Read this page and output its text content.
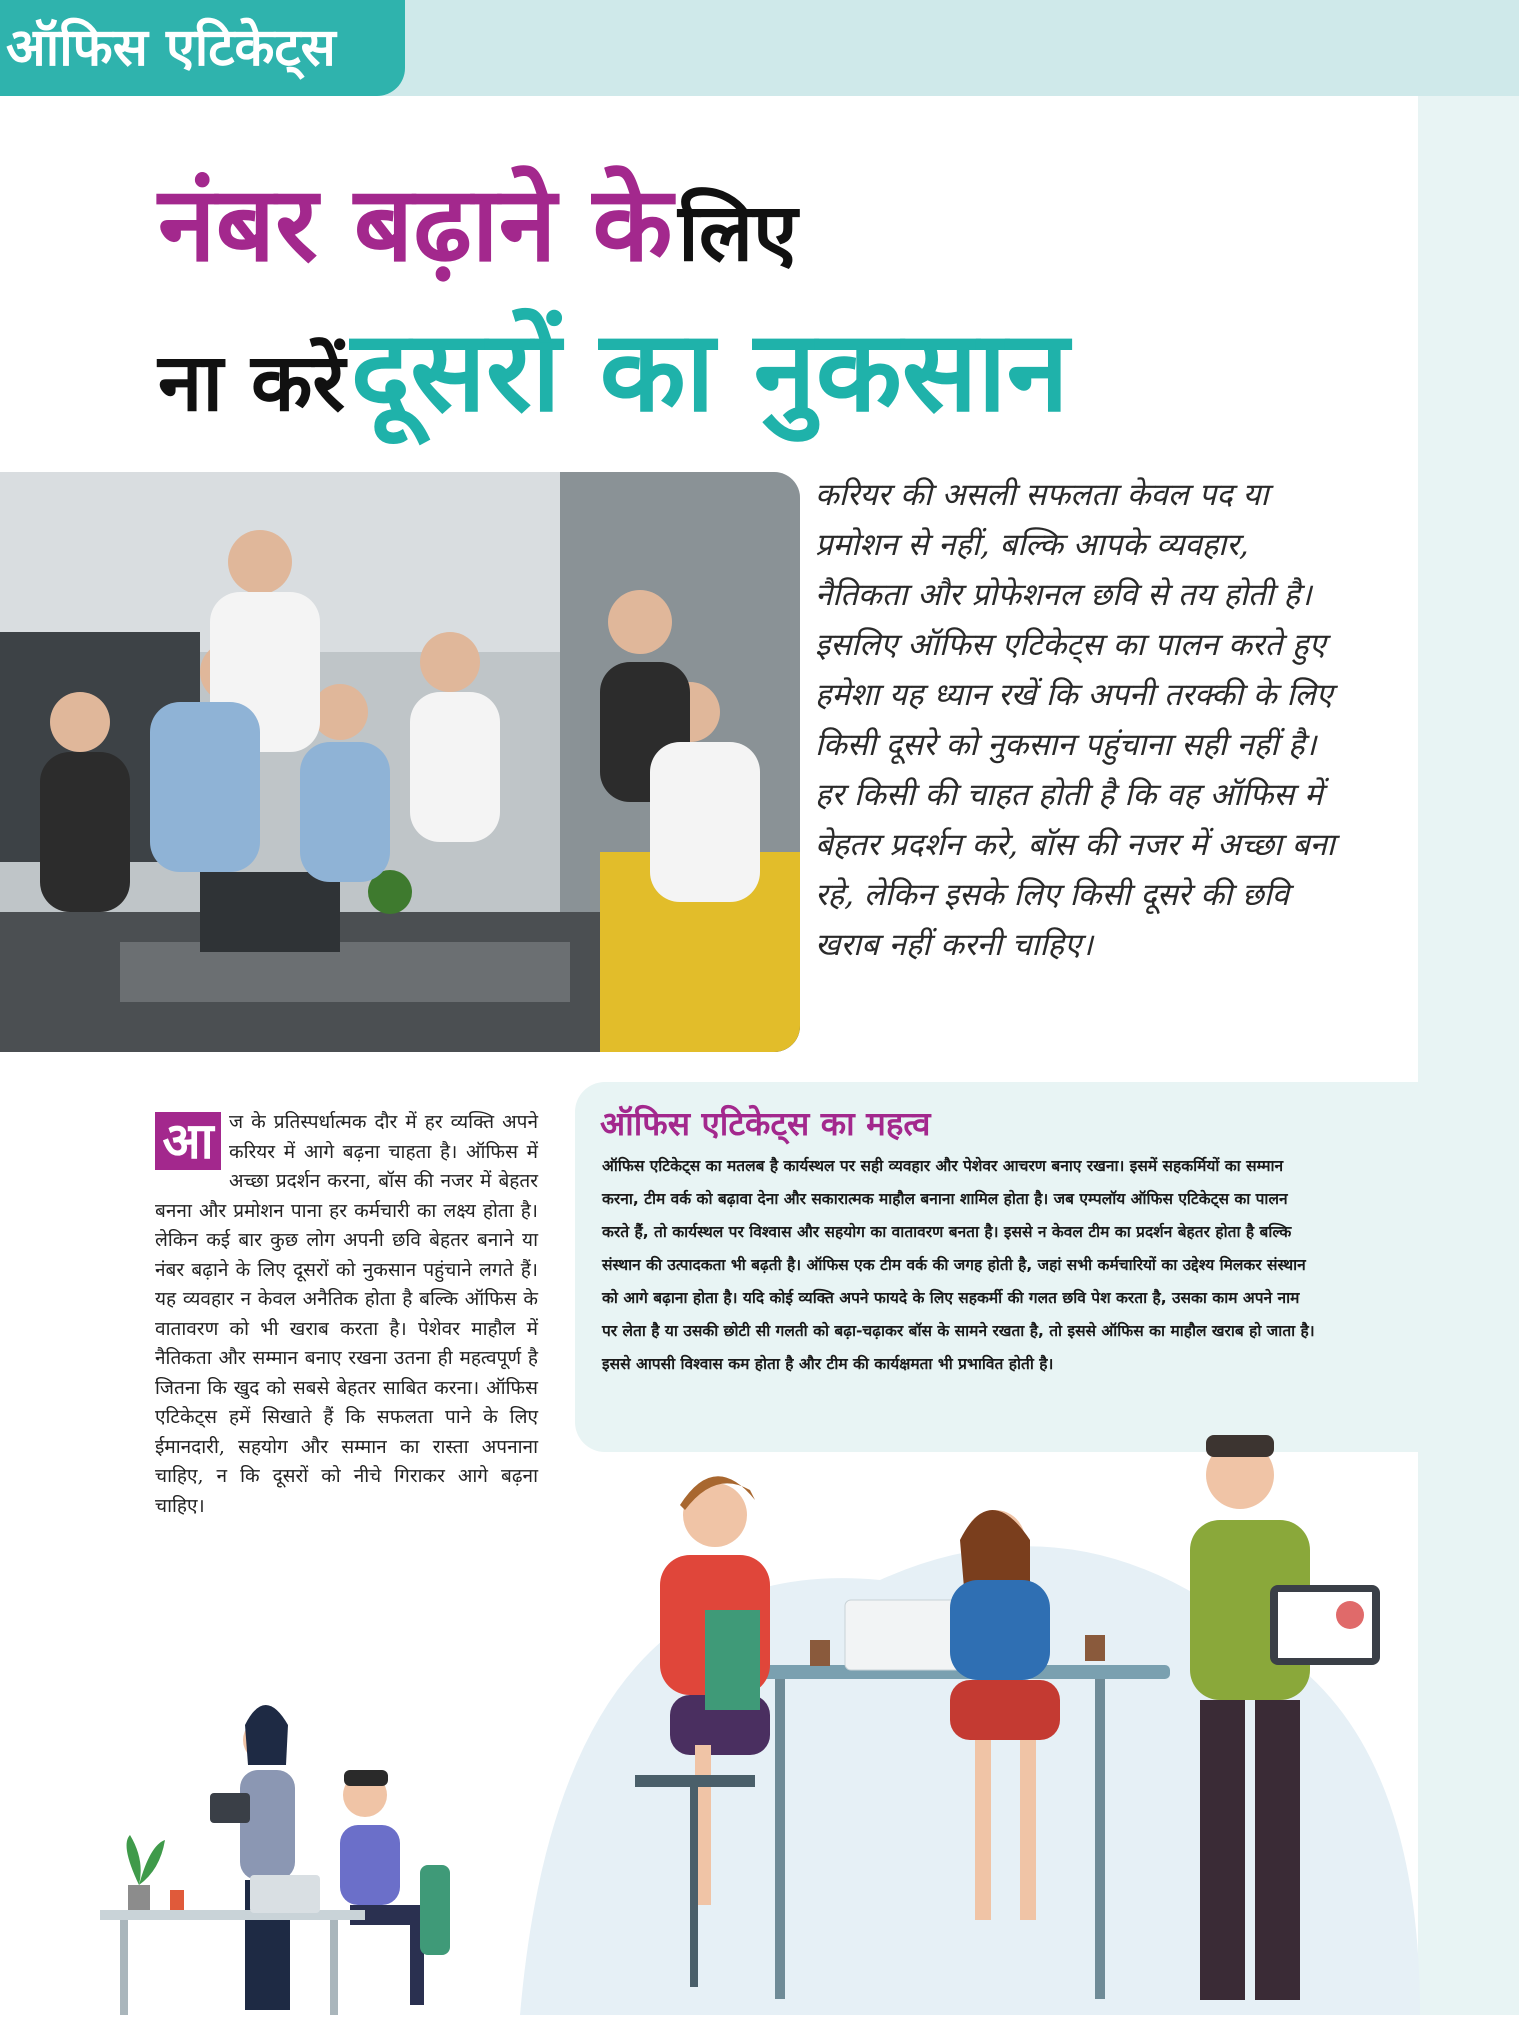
ऑफिस एटिकेट्स
नंबर बढ़ाने के लिए
ना करें दूसरों का नुकसान

करियर की असली सफलता केवल पद या प्रमोशन से नहीं, बल्कि आपके व्यवहार, नैतिकता और प्रोफेशनल छवि से तय होती है। इसलिए ऑफिस एटिकेट्स का पालन करते हुए हमेशा यह ध्यान रखें कि अपनी तरक्की के लिए किसी दूसरे को नुकसान पहुंचाना सही नहीं है। हर किसी की चाहत होती है कि वह ऑफिस में बेहतर प्रदर्शन करे, बॉस की नजर में अच्छा बना रहे, लेकिन इसके लिए किसी दूसरे की छवि खराब नहीं करनी चाहिए।

आ ज के प्रतिस्पर्धात्मक दौर में हर व्यक्ति अपने करियर में आगे बढ़ना चाहता है। ऑफिस में अच्छा प्रदर्शन करना, बॉस की नजर में बेहतर बनना और प्रमोशन पाना हर कर्मचारी का लक्ष्य होता है। लेकिन कई बार कुछ लोग अपनी छवि बेहतर बनाने या नंबर बढ़ाने के लिए दूसरों को नुकसान पहुंचाने लगते हैं। यह व्यवहार न केवल अनैतिक होता है बल्कि ऑफिस के वातावरण को भी खराब करता है। पेशेवर माहौल में नैतिकता और सम्मान बनाए रखना उतना ही महत्वपूर्ण है जितना कि खुद को सबसे बेहतर साबित करना। ऑफिस एटिकेट्स हमें सिखाते हैं कि सफलता पाने के लिए ईमानदारी, सहयोग और सम्मान का रास्ता अपनाना चाहिए, न कि दूसरों को नीचे गिराकर आगे बढ़ना चाहिए।

ऑफिस एटिकेट्स का महत्व

ऑफिस एटिकेट्स का मतलब है कार्यस्थल पर सही व्यवहार और पेशेवर आचरण बनाए रखना। इसमें सहकर्मियों का सम्मान करना, टीम वर्क को बढ़ावा देना और सकारात्मक माहौल बनाना शामिल होता है। जब एम्पलॉय ऑफिस एटिकेट्स का पालन करते हैं, तो कार्यस्थल पर विश्वास और सहयोग का वातावरण बनता है। इससे न केवल टीम का प्रदर्शन बेहतर होता है बल्कि संस्थान की उत्पादकता भी बढ़ती है। ऑफिस एक टीम वर्क की जगह होती है, जहां सभी कर्मचारियों का उद्देश्य मिलकर संस्थान को आगे बढ़ाना होता है। यदि कोई व्यक्ति अपने फायदे के लिए सहकर्मी की गलत छवि पेश करता है, उसका काम अपने नाम पर लेता है या उसकी छोटी सी गलती को बढ़ा-चढ़ाकर बॉस के सामने रखता है, तो इससे ऑफिस का माहौल खराब हो जाता है। इससे आपसी विश्वास कम होता है और टीम की कार्यक्षमता भी प्रभावित होती है।
